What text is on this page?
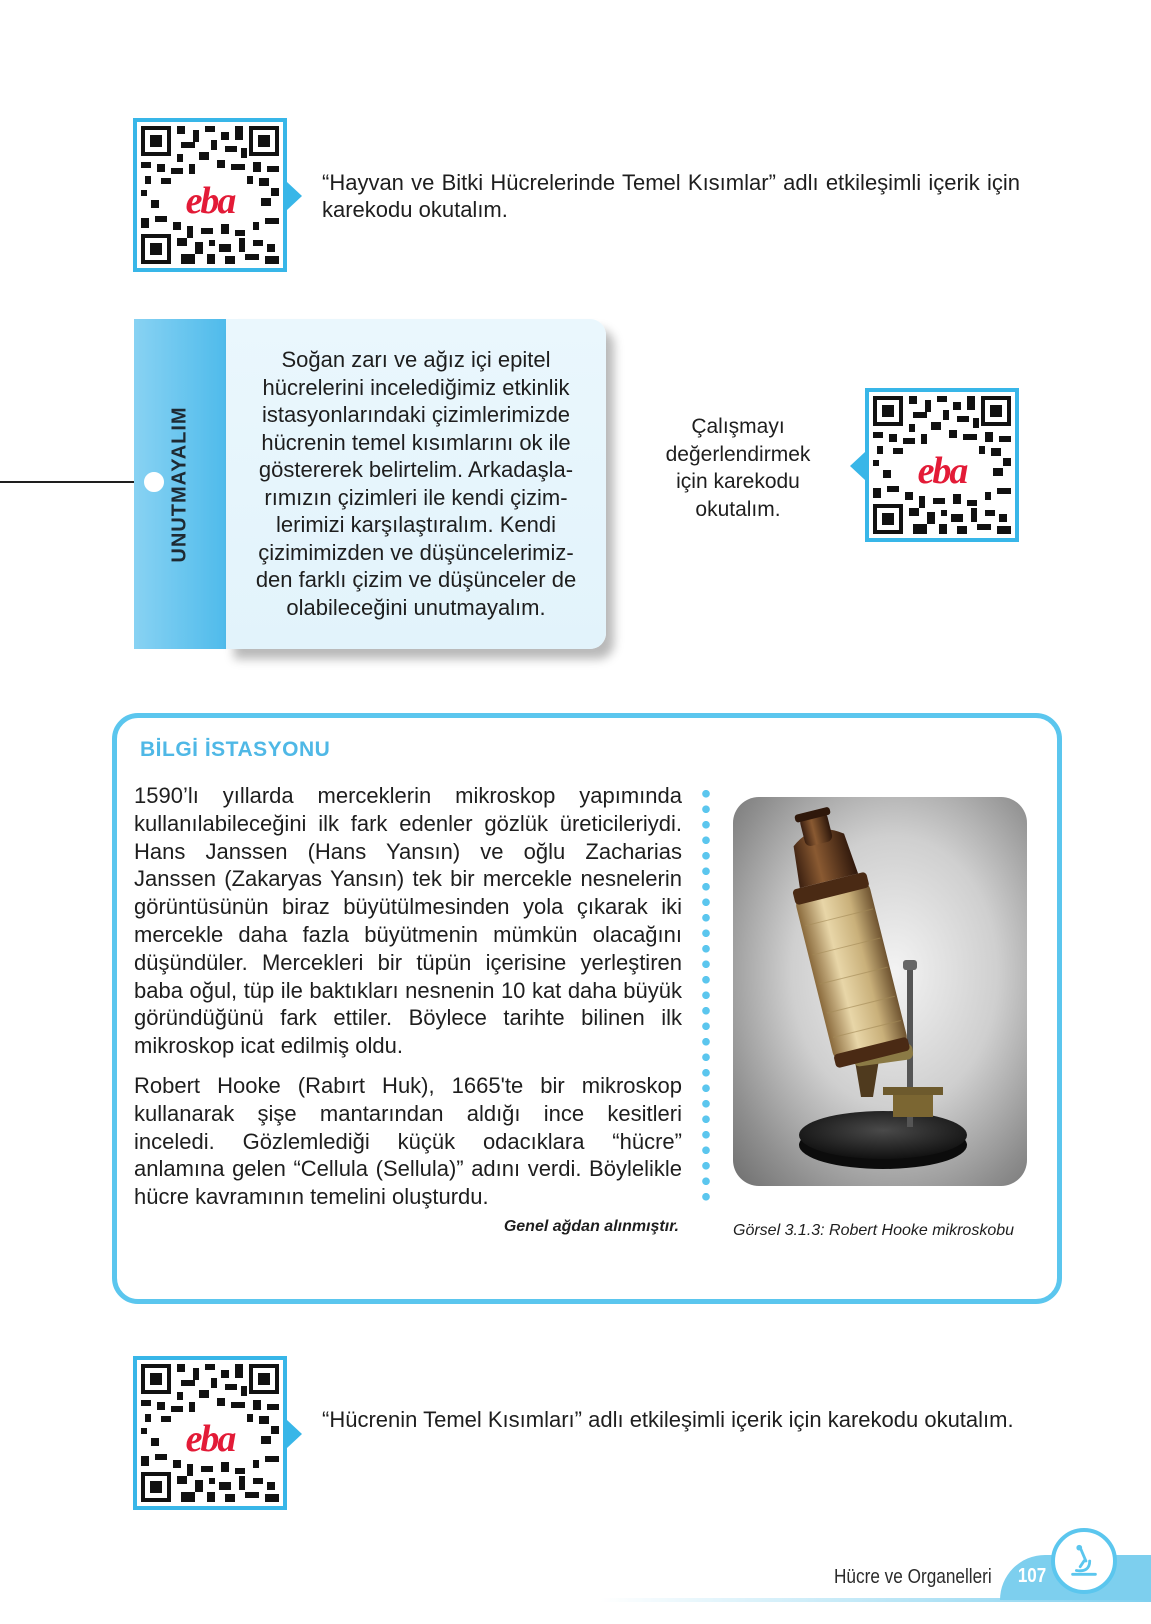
eba	“Hayvan ve Bitki Hücrelerinde Temel Kısımlar” adlı etkileşimli içerik için karekodu okutalım.
UNUTMAYALIM
Soğan zarı ve ağız içi epitel
hücrelerini incelediğimiz etkinlik
istasyonlarındaki çizimlerimizde
hücrenin temel kısımlarını ok ile
göstererek belirtelim. Arkadaşla-
rımızın çizimleri ile kendi çizim-
lerimizi karşılaştıralım. Kendi
çizimimizden ve düşüncelerimiz-
den farklı çizim ve düşünceler de
olabileceğini unutmayalım.
Çalışmayı
değerlendirmek
için karekodu
okutalım.
eba
BİLGİ İSTASYONU

1590’lı yıllarda merceklerin mikroskop yapımında kullanılabileceğini ilk fark edenler gözlük üreticileriydi. Hans Janssen (Hans Yansın) ve oğlu Zacharias Janssen (Zakaryas Yansın) tek bir mercekle nesnelerin görüntüsünün biraz büyütülmesinden yola çıkarak iki mercekle daha fazla büyütmenin mümkün olacağını düşündüler. Mercekleri bir tüpün içerisine yerleştiren baba oğul, tüp ile baktıkları nesnenin 10 kat daha büyük göründüğünü fark ettiler. Böylece tarihte bilinen ilk mikroskop icat edilmiş oldu.

Robert Hooke (Rabırt Huk), 1665'te bir mikroskop kullanarak şişe mantarından aldığı ince kesitleri inceledi. Gözlemlediği küçük odacıklara “hücre” anlamına gelen “Cellula (Sellula)” adını verdi. Böylelikle hücre kavramının temelini oluşturdu.

Genel ağdan alınmıştır.	Görsel 3.1.3: Robert Hooke mikroskobu
eba	“Hücrenin Temel Kısımları” adlı etkileşimli içerik için karekodu okutalım.
Hücre ve Organelleri 107
